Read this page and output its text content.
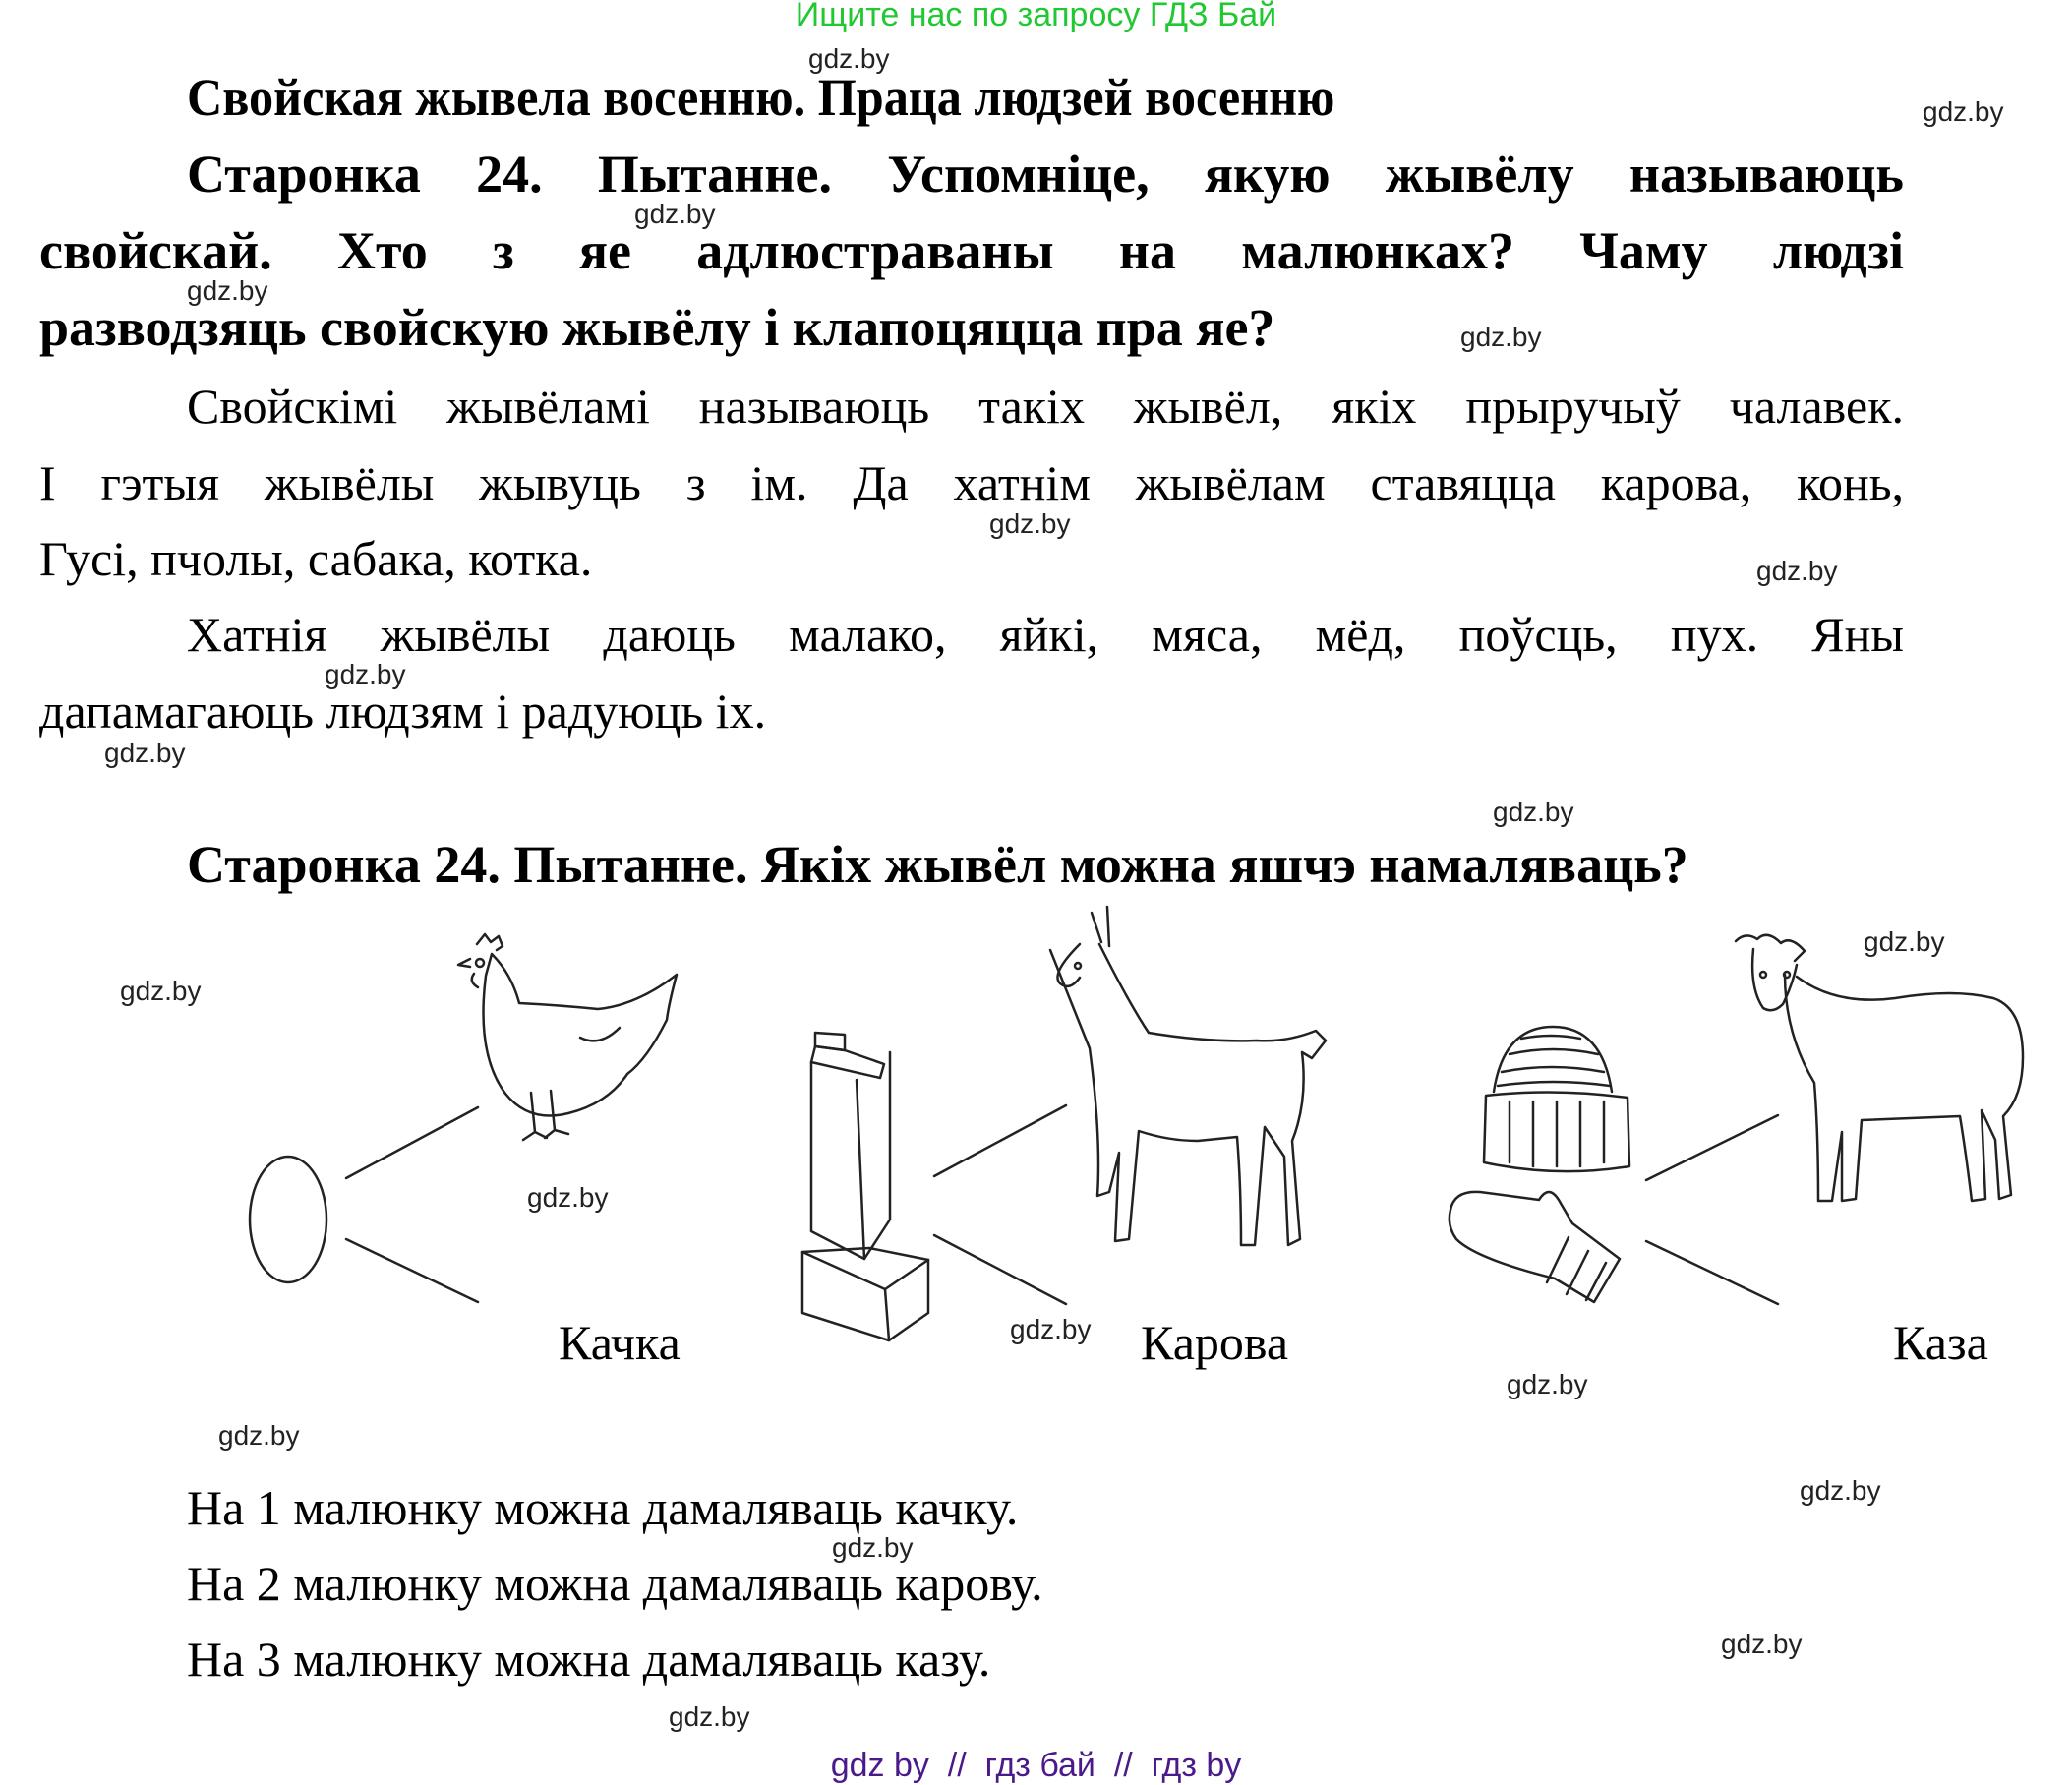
Ищите нас по запросу ГДЗ Бай
gdz.by
gdz.by
gdz.by
gdz.by
gdz.by
gdz.by
gdz.by
gdz.by
gdz.by
gdz.by
gdz.by
gdz.by
gdz.by
gdz.by
gdz.by
gdz.by
gdz.by
gdz.by
gdz.by
gdz.by
Свойская жывела восенню. Праца людзей восенню
Старонка 24. Пытанне. Успомніце, якую жывёлу называюць
свойскай. Хто з яе адлюстраваны на малюнках? Чаму людзі
разводзяць свойскую жывёлу і клапоцяцца пра яе?
Свойскімі жывёламі называюць такіх жывёл, якіх прыручыў чалавек.
І гэтыя жывёлы жывуць з ім. Да хатнім жывёлам ставяцца карова, конь,
Гусі, пчолы, сабака, котка.
Хатнія жывёлы даюць малако, яйкі, мяса, мёд, поўсць, пух. Яны
дапамагаюць людзям і радуюць іх.
Старонка 24. Пытанне. Якіх жывёл можна яшчэ намаляваць?
Качка	Карова	Каза
На 1 малюнку можна дамаляваць качку.
На 2 малюнку можна дамаляваць карову.
На 3 малюнку можна дамаляваць казу.
gdz by  //  гдз бай  //  гдз by
